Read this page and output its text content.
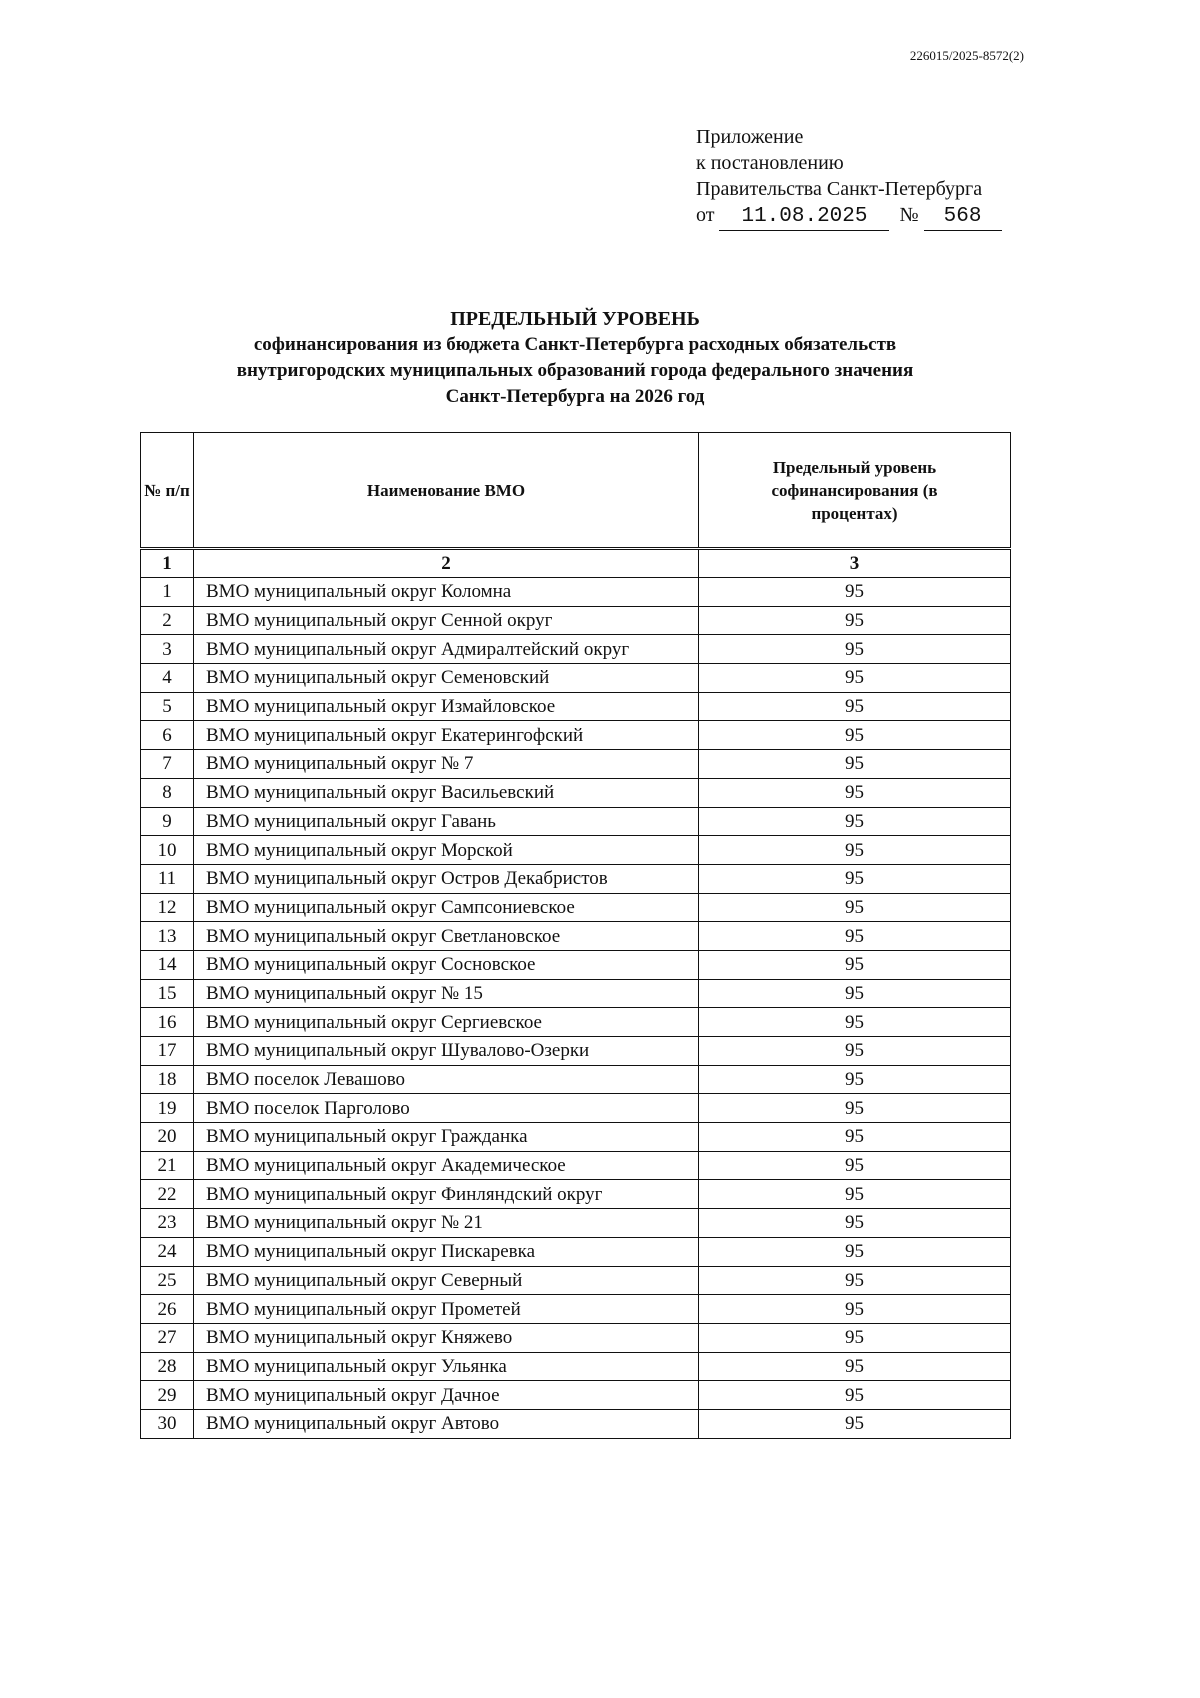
226015/2025-8572(2)
Приложение
к постановлению
Правительства Санкт-Петербурга
от 11.08.2025 № 568
ПРЕДЕЛЬНЫЙ УРОВЕНЬ
софинансирования из бюджета Санкт-Петербурга расходных обязательств
внутригородских муниципальных образований города федерального значения
Санкт-Петербурга на 2026 год
№ п/п	Наименование ВМО	Предельный уровень софинансирования (в процентах)
1	2	3
1	ВМО муниципальный округ Коломна	95
2	ВМО муниципальный округ Сенной округ	95
3	ВМО муниципальный округ Адмиралтейский округ	95
4	ВМО муниципальный округ Семеновский	95
5	ВМО муниципальный округ Измайловское	95
6	ВМО муниципальный округ Екатерингофский	95
7	ВМО муниципальный округ № 7	95
8	ВМО муниципальный округ Васильевский	95
9	ВМО муниципальный округ Гавань	95
10	ВМО муниципальный округ Морской	95
11	ВМО муниципальный округ Остров Декабристов	95
12	ВМО муниципальный округ Сампсониевское	95
13	ВМО муниципальный округ Светлановское	95
14	ВМО муниципальный округ Сосновское	95
15	ВМО муниципальный округ № 15	95
16	ВМО муниципальный округ Сергиевское	95
17	ВМО муниципальный округ Шувалово-Озерки	95
18	ВМО поселок Левашово	95
19	ВМО поселок Парголово	95
20	ВМО муниципальный округ Гражданка	95
21	ВМО муниципальный округ Академическое	95
22	ВМО муниципальный округ Финляндский округ	95
23	ВМО муниципальный округ № 21	95
24	ВМО муниципальный округ Пискаревка	95
25	ВМО муниципальный округ Северный	95
26	ВМО муниципальный округ Прометей	95
27	ВМО муниципальный округ Княжево	95
28	ВМО муниципальный округ Ульянка	95
29	ВМО муниципальный округ Дачное	95
30	ВМО муниципальный округ Автово	95
